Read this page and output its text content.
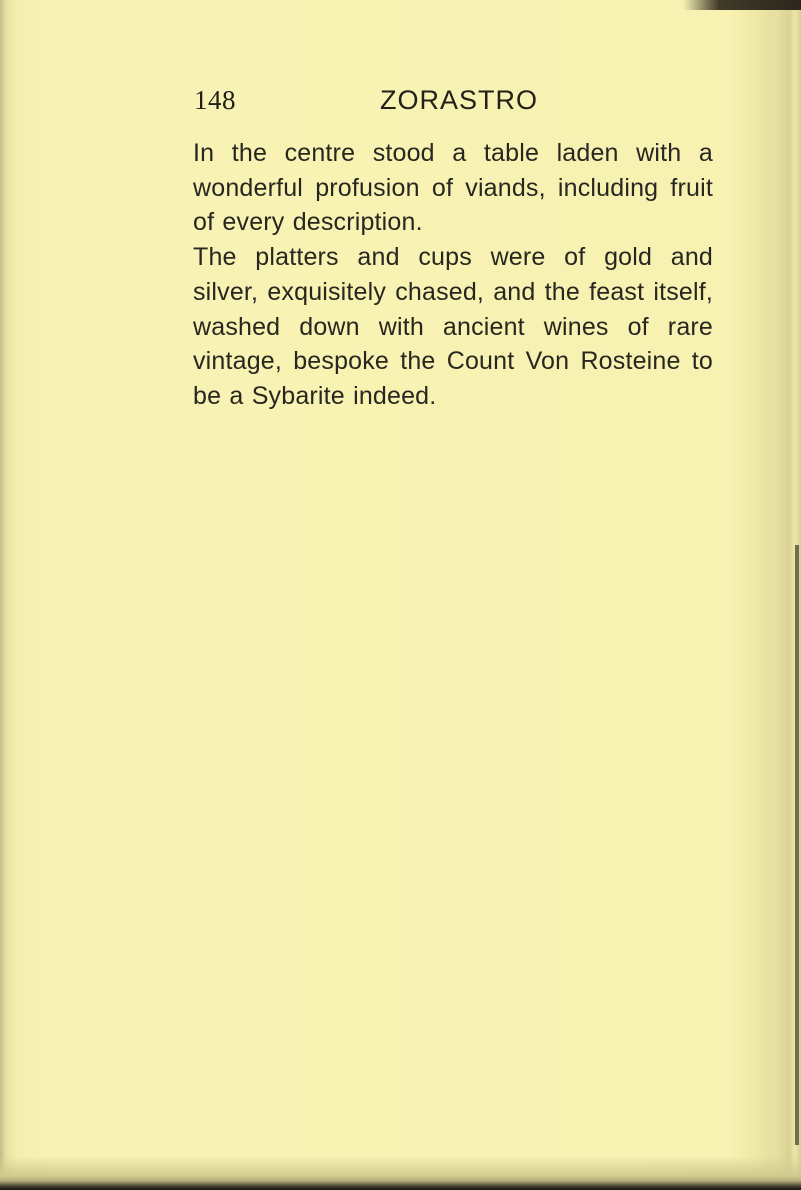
148	ZORASTRO

In the centre stood a table laden with a
wonderful profusion of viands, including fruit
of every description.

The platters and cups were of gold and
silver, exquisitely chased, and the feast itself,
washed down with ancient wines of rare
vintage, bespoke the Count Von Rosteine to
be a Sybarite indeed.
